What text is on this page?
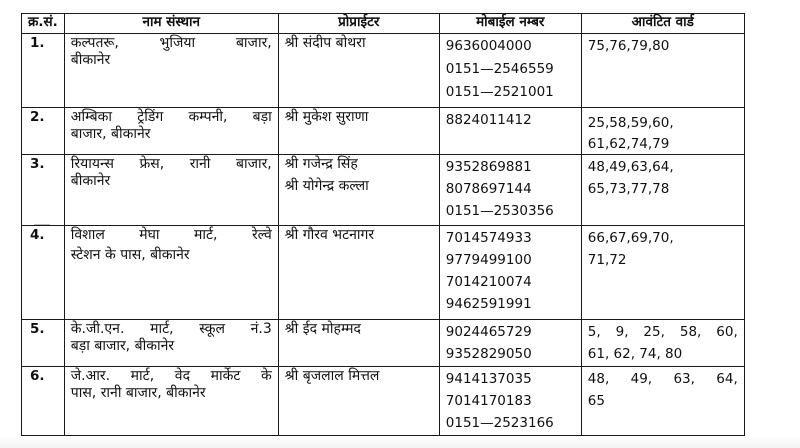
क्र.सं.	नाम संस्थान	प्रोप्राईटर	मोबाईल नम्बर	आवंटित वार्ड
1.	कल्पतरू, भुजिया बाजार,
बीकानेर	श्री संदीप बोथरा	9636004000
0151—2546559
0151—2521001	75,76,79,80

2.	अम्बिका ट्रेडिंग कम्पनी, बड़ा
बाजार, बीकानेर	श्री मुकेश सुराणा	8824011412	25,58,59,60,
61,62,74,79

3.	रियायन्स फ्रेस, रानी बाजार,
बीकानेर	श्री गजेन्द्र सिंह
श्री योगेन्द्र कल्ला	9352869881
8078697144
0151—2530356	48,49,63,64,
65,73,77,78

4.	विशाल मेघा मार्ट, रेल्वे
स्टेशन के पास, बीकानेर	श्री गौरव भटनागर	7014574933
9779499100
7014210074
9462591991	66,67,69,70,
71,72

5.	के.जी.एन. मार्ट, स्कूल नं.3
बड़ा बाजार, बीकानेर	श्री ईद मोहम्मद	9024465729
9352829050	5, 9, 25, 58, 60,
61, 62, 74, 80

6.	जे.आर. मार्ट, वेद मार्केट के
पास, रानी बाजार, बीकानेर	श्री बृजलाल मित्तल	9414137035
7014170183
0151—2523166	48, 49, 63, 64,
65
